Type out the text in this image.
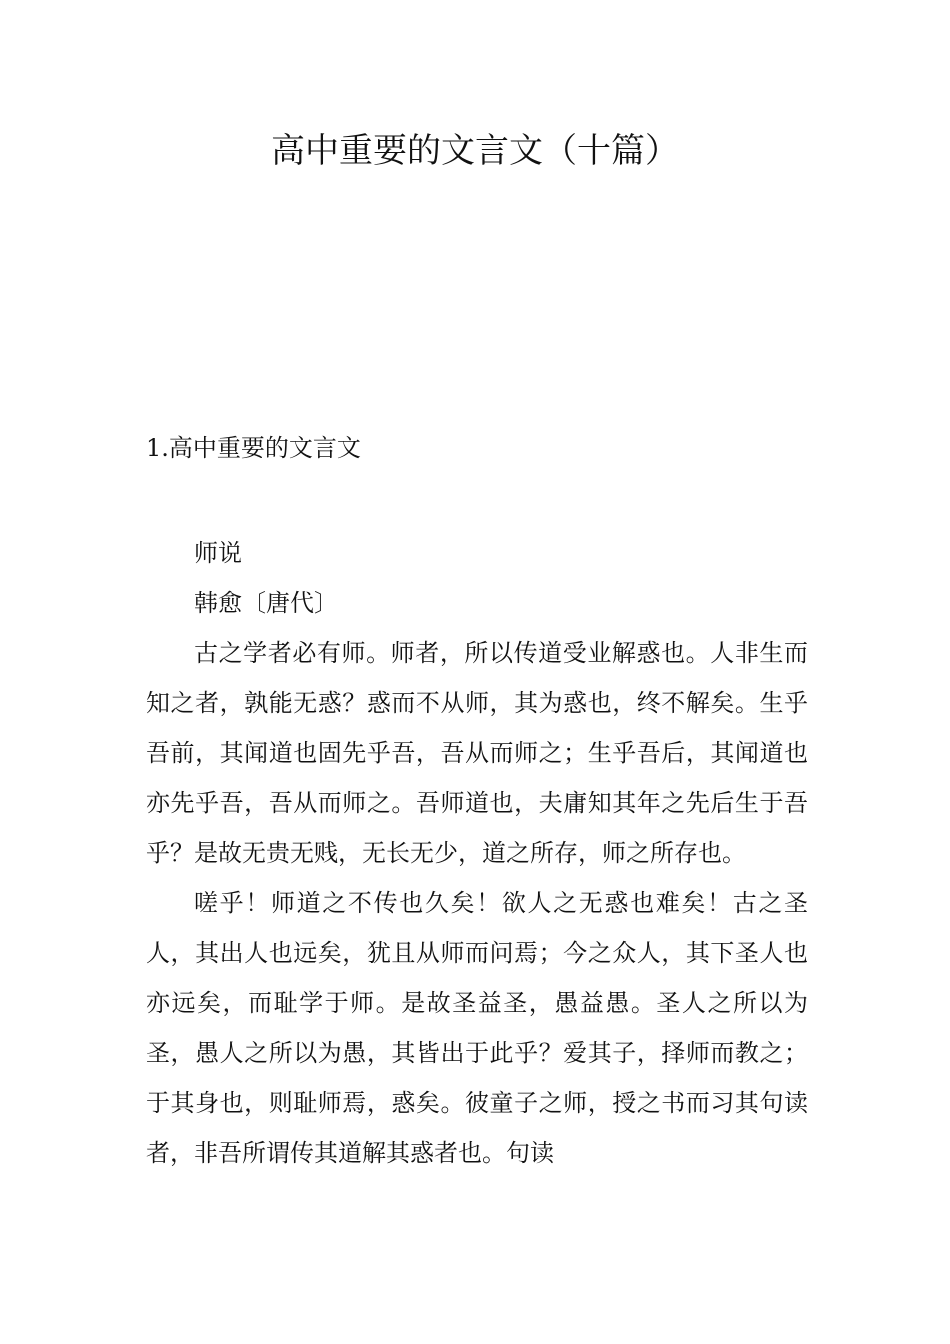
高中重要的文言文（十篇）
1.高中重要的文言文

师说

韩愈〔唐代〕

古之学者必有师。师者，所以传道受业解惑也。人非生而知之者，孰能无惑？惑而不从师，其为惑也，终不解矣。生乎吾前，其闻道也固先乎吾，吾从而师之；生乎吾后，其闻道也亦先乎吾，吾从而师之。吾师道也，夫庸知其年之先后生于吾乎？是故无贵无贱，无长无少，道之所存，师之所存也。

嗟乎！师道之不传也久矣！欲人之无惑也难矣！古之圣人，其出人也远矣，犹且从师而问焉；今之众人，其下圣人也亦远矣，而耻学于师。是故圣益圣，愚益愚。圣人之所以为圣，愚人之所以为愚，其皆出于此乎？爱其子，择师而教之；于其身也，则耻师焉，惑矣。彼童子之师，授之书而习其句读者，非吾所谓传其道解其惑者也。句读
